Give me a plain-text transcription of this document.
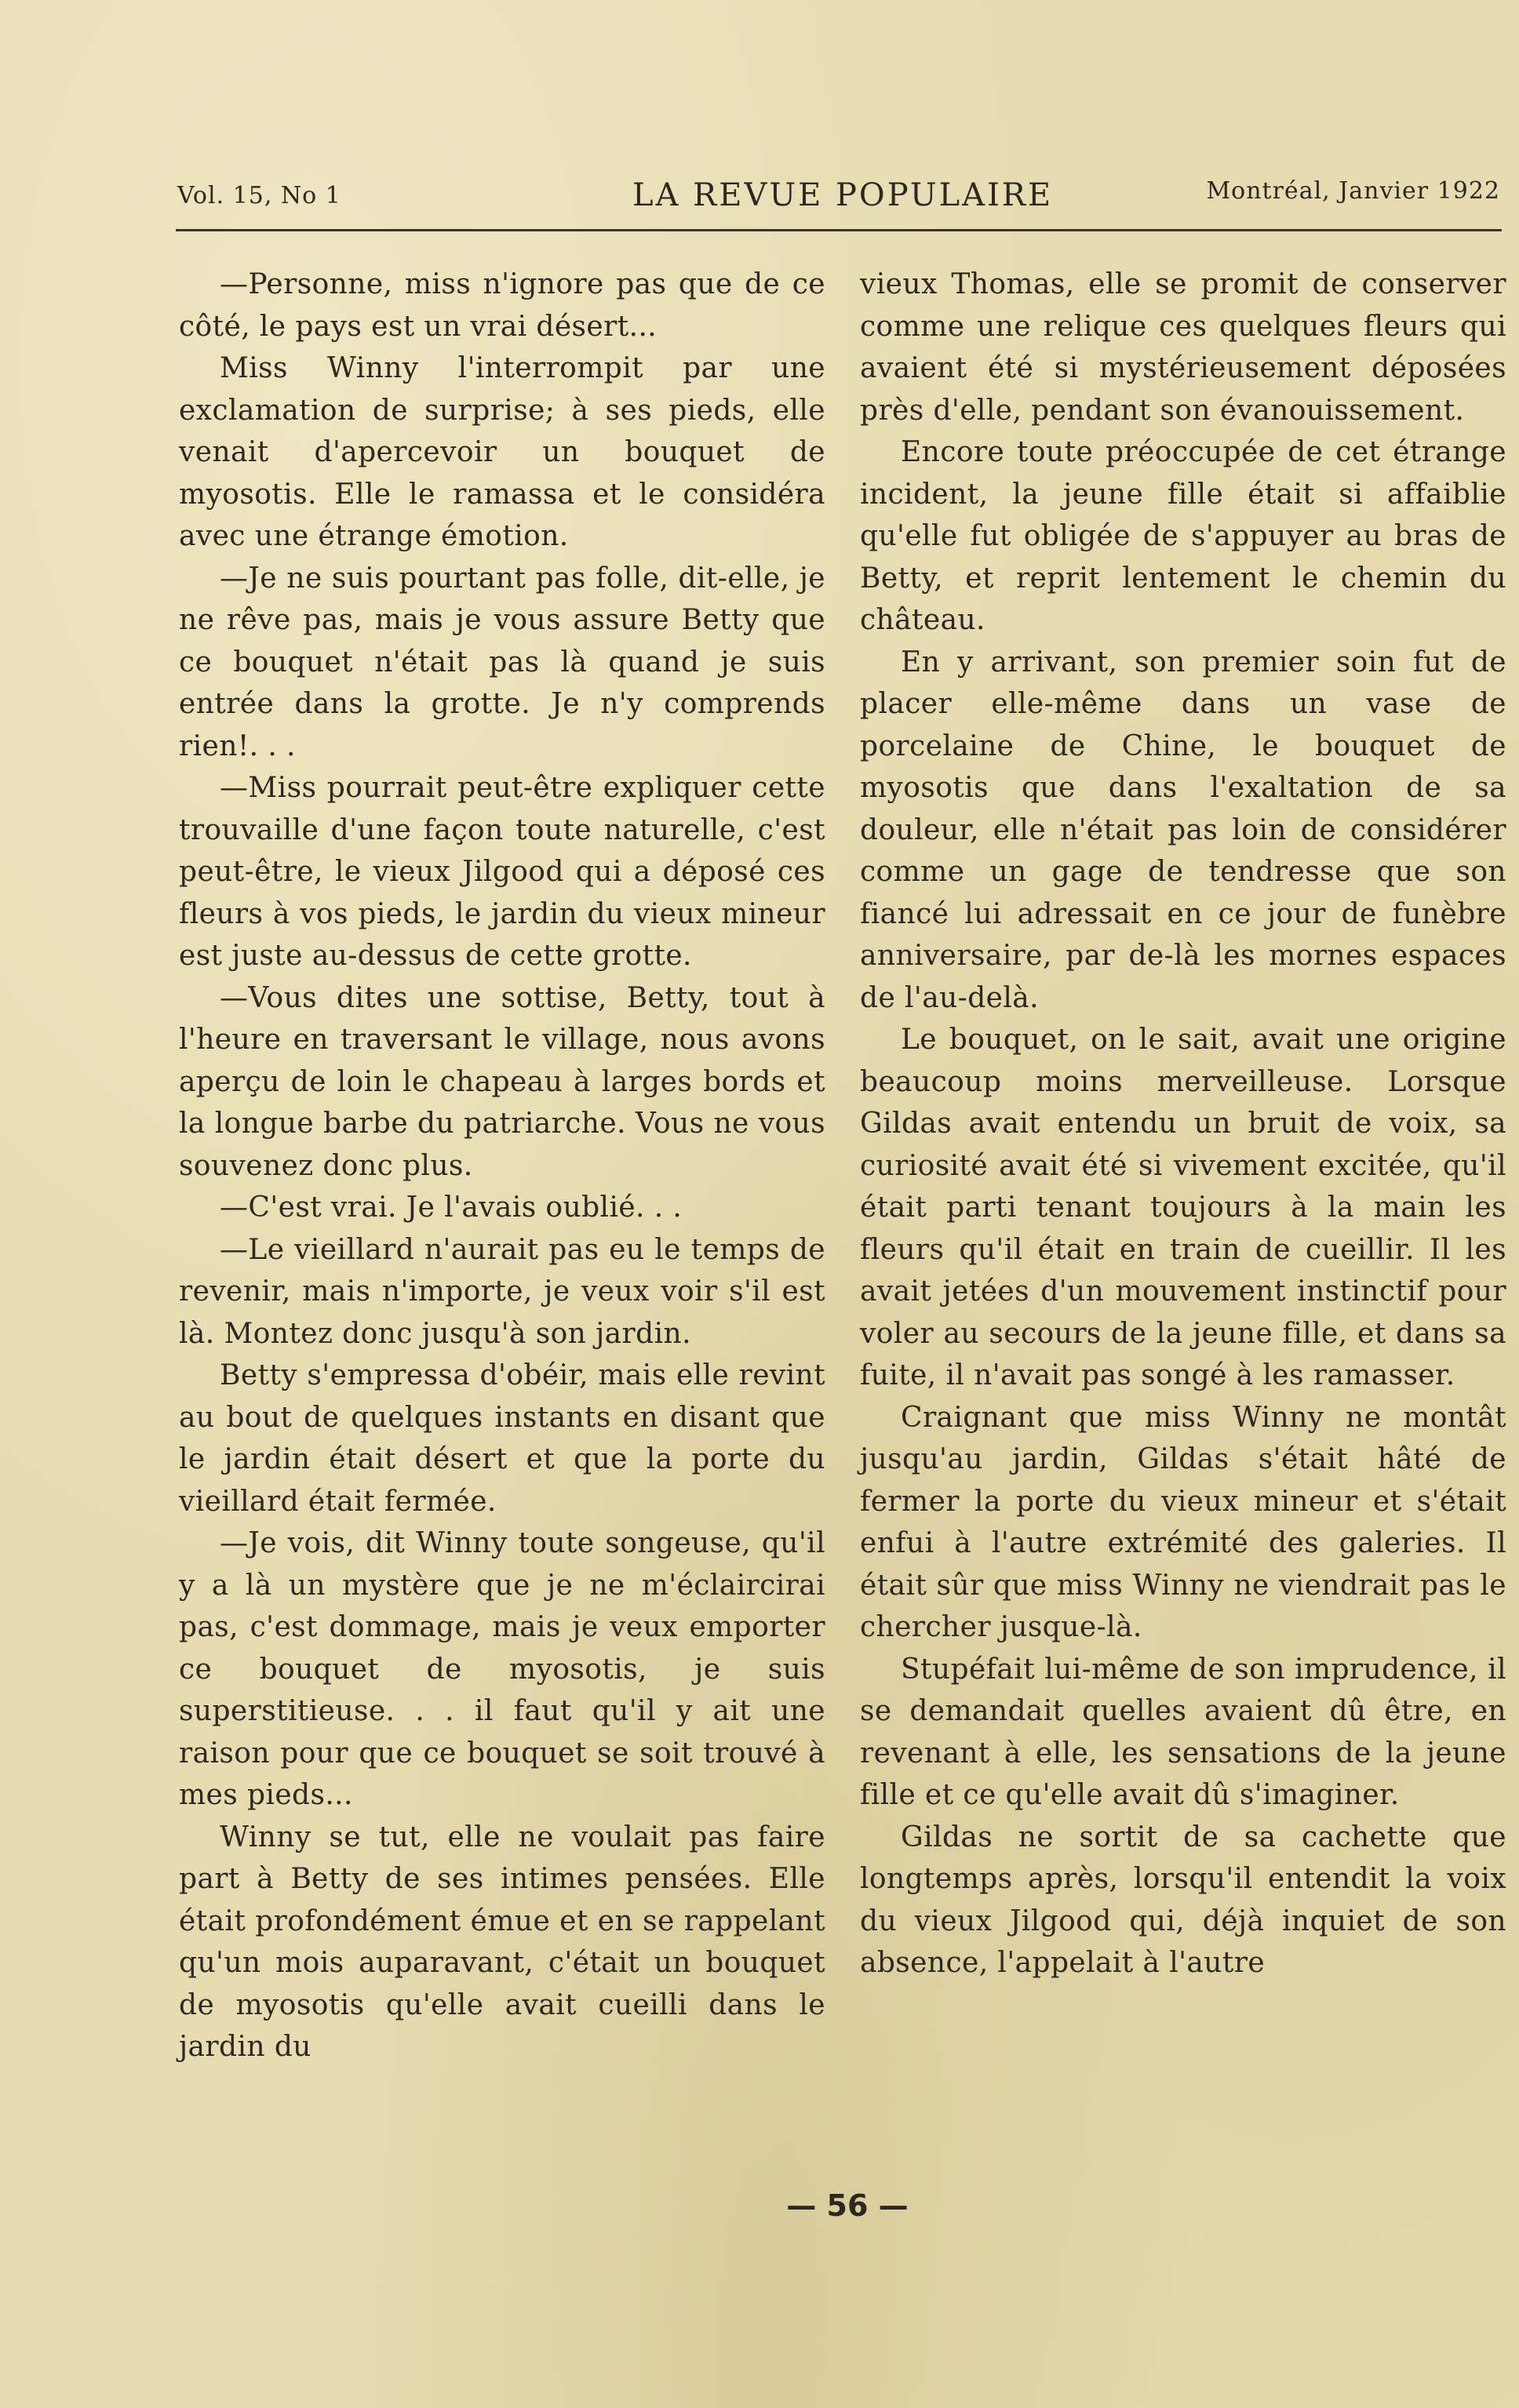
Vol. 15, No 1	LA REVUE POPULAIRE	Montréal, Janvier 1922

—Personne, miss n'ignore pas que de ce côté, le pays est un vrai désert...

Miss Winny l'interrompit par une exclamation de surprise; à ses pieds, elle venait d'apercevoir un bouquet de myosotis. Elle le ramassa et le considéra avec une étrange émotion.

—Je ne suis pourtant pas folle, dit-elle, je ne rêve pas, mais je vous assure Betty que ce bouquet n'était pas là quand je suis entrée dans la grotte. Je n'y comprends rien!. . .

—Miss pourrait peut-être expliquer cette trouvaille d'une façon toute naturelle, c'est peut-être, le vieux Jilgood qui a déposé ces fleurs à vos pieds, le jardin du vieux mineur est juste au-dessus de cette grotte.

—Vous dites une sottise, Betty, tout à l'heure en traversant le village, nous avons aperçu de loin le chapeau à larges bords et la longue barbe du patriarche. Vous ne vous souvenez donc plus.

—C'est vrai. Je l'avais oublié. . .

—Le vieillard n'aurait pas eu le temps de revenir, mais n'importe, je veux voir s'il est là. Montez donc jusqu'à son jardin.

Betty s'empressa d'obéir, mais elle revint au bout de quelques instants en disant que le jardin était désert et que la porte du vieillard était fermée.

—Je vois, dit Winny toute songeuse, qu'il y a là un mystère que je ne m'éclaircirai pas, c'est dommage, mais je veux emporter ce bouquet de myosotis, je suis superstitieuse. . . il faut qu'il y ait une raison pour que ce bouquet se soit trouvé à mes pieds...

Winny se tut, elle ne voulait pas faire part à Betty de ses intimes pensées. Elle était profondément émue et en se rappelant qu'un mois auparavant, c'était un bouquet de myosotis qu'elle avait cueilli dans le jardin du

vieux Thomas, elle se promit de conserver comme une relique ces quelques fleurs qui avaient été si mystérieusement déposées près d'elle, pendant son évanouissement.

Encore toute préoccupée de cet étrange incident, la jeune fille était si affaiblie qu'elle fut obligée de s'appuyer au bras de Betty, et reprit lentement le chemin du château.

En y arrivant, son premier soin fut de placer elle-même dans un vase de porcelaine de Chine, le bouquet de myosotis que dans l'exaltation de sa douleur, elle n'était pas loin de considérer comme un gage de tendresse que son fiancé lui adressait en ce jour de funèbre anniversaire, par de-là les mornes espaces de l'au-delà.

Le bouquet, on le sait, avait une origine beaucoup moins merveilleuse. Lorsque Gildas avait entendu un bruit de voix, sa curiosité avait été si vivement excitée, qu'il était parti tenant toujours à la main les fleurs qu'il était en train de cueillir. Il les avait jetées d'un mouvement instinctif pour voler au secours de la jeune fille, et dans sa fuite, il n'avait pas songé à les ramasser.

Craignant que miss Winny ne montât jusqu'au jardin, Gildas s'était hâté de fermer la porte du vieux mineur et s'était enfui à l'autre extrémité des galeries. Il était sûr que miss Winny ne viendrait pas le chercher jusque-là.

Stupéfait lui-même de son imprudence, il se demandait quelles avaient dû être, en revenant à elle, les sensations de la jeune fille et ce qu'elle avait dû s'imaginer.

Gildas ne sortit de sa cachette que longtemps après, lorsqu'il entendit la voix du vieux Jilgood qui, déjà inquiet de son absence, l'appelait à l'autre

— 56 —
